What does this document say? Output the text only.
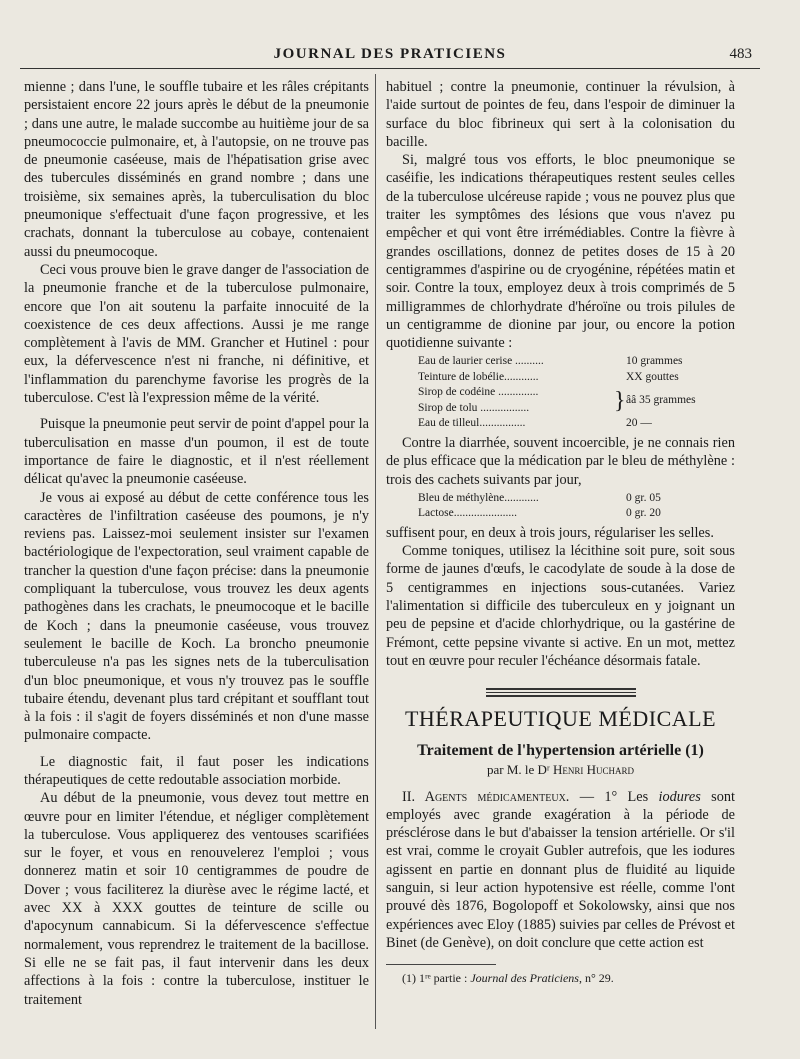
JOURNAL DES PRATICIENS	483

mienne ; dans l'une, le souffle tubaire et les râles crépitants persistaient encore 22 jours après le début de la pneumonie ; dans une autre, le malade succombe au huitième jour de sa pneumococcie pulmonaire, et, à l'autopsie, on ne trouve pas de pneumonie caséeuse, mais de l'hépatisation grise avec des tubercules disséminés en grand nombre ; dans une troisième, six semaines après, la tuberculisation du bloc pneumonique s'effectuait d'une façon progressive, et les crachats, donnant la tuberculose au cobaye, contenaient aussi du pneumocoque.

Ceci vous prouve bien le grave danger de l'association de la pneumonie franche et de la tuberculose pulmonaire, encore que l'on ait soutenu la parfaite innocuité de la coexistence de ces deux affections. Aussi je me range complètement à l'avis de MM. Grancher et Hutinel : pour eux, la défervescence n'est ni franche, ni définitive, et l'inflammation du parenchyme favorise les progrès de la tuberculose. C'est là l'expression même de la vérité.

Puisque la pneumonie peut servir de point d'appel pour la tuberculisation en masse d'un poumon, il est de toute importance de faire le diagnostic, et il n'est réellement délicat qu'avec la pneumonie caséeuse.

Je vous ai exposé au début de cette conférence tous les caractères de l'infiltration caséeuse des poumons, je n'y reviens pas. Laissez-moi seulement insister sur l'examen bactériologique de l'expectoration, seul vraiment capable de trancher la question d'une façon précise: dans la pneumonie compliquant la tuberculose, vous trouvez les deux agents pathogènes dans les crachats, le pneumocoque et le bacille de Koch ; dans la pneumonie caséeuse, vous trouvez seulement le bacille de Koch. La broncho pneumonie tuberculeuse n'a pas les signes nets de la tuberculisation d'un bloc pneumonique, et vous n'y trouvez pas le souffle tubaire étendu, devenant plus tard crépitant et soufflant tout à la fois : il s'agit de foyers disséminés et non d'une masse pulmonaire compacte.

Le diagnostic fait, il faut poser les indications thérapeutiques de cette redoutable association morbide.

Au début de la pneumonie, vous devez tout mettre en œuvre pour en limiter l'étendue, et négliger complètement la tuberculose. Vous appliquerez des ventouses scarifiées sur le foyer, et vous en renouvelerez l'emploi ; vous donnerez matin et soir 10 centigrammes de poudre de Dover ; vous faciliterez la diurèse avec le régime lacté, et avec XX à XXX gouttes de teinture de scille ou d'apocynum cannabicum. Si la défervescence s'effectue normalement, vous reprendrez le traitement de la bacillose. Si elle ne se fait pas, il faut intervenir dans les deux affections à la fois : contre la tuberculose, instituer le traitement

habituel ; contre la pneumonie, continuer la révulsion, à l'aide surtout de pointes de feu, dans l'espoir de diminuer la surface du bloc fibrineux qui sert à la colonisation du bacille.

Si, malgré tous vos efforts, le bloc pneumonique se caséifie, les indications thérapeutiques restent seules celles de la tuberculose ulcéreuse rapide ; vous ne pouvez plus que traiter les symptômes des lésions que vous n'avez pu empêcher et qui vont être irrémédiables. Contre la fièvre à grandes oscillations, donnez de petites doses de 15 à 20 centigrammes d'aspirine ou de cryogénine, répétées matin et soir. Contre la toux, employez deux à trois comprimés de 5 milligrammes de chlorhydrate d'héroïne ou trois pilules de un centigramme de dionine par jour, ou encore la potion quotidienne suivante :

Eau de laurier cerise ..........	10 grammes
Teinture de lobélie............	XX gouttes
Sirop de codéine ..............
Sirop de tolu .................	} ââ 35 grammes
Eau de tilleul................	20 —

Contre la diarrhée, souvent incoercible, je ne connais rien de plus efficace que la médication par le bleu de méthylène : trois des cachets suivants par jour,

Bleu de méthylène............	0 gr. 05
Lactose......................	0 gr. 20

suffisent pour, en deux à trois jours, régulariser les selles.

Comme toniques, utilisez la lécithine soit pure, soit sous forme de jaunes d'œufs, le cacodylate de soude à la dose de 5 centigrammes en injections sous-cutanées. Variez l'alimentation si difficile des tuberculeux en y joignant un peu de pepsine et d'acide chlorhydrique, ou la gastérine de Frémont, cette pepsine vivante si active. En un mot, mettez tout en œuvre pour reculer l'échéance désormais fatale.

THÉRAPEUTIQUE MÉDICALE
Traitement de l'hypertension artérielle (1)
par M. le Dʳ Henri Huchard

II. Agents médicamenteux. — 1° Les iodures sont employés avec grande exagération à la période de présclérose dans le but d'abaisser la tension artérielle. Or s'il est vrai, comme le croyait Gubler autrefois, que les iodures agissent en partie en donnant plus de fluidité au liquide sanguin, si leur action hypotensive est réelle, comme l'ont prouvé dès 1876, Bogolopoff et Sokolowsky, ainsi que nos expériences avec Eloy (1885) suivies par celles de Prévost et Binet (de Genève), on doit conclure que cette action est

(1) 1ʳᵉ partie : Journal des Praticiens, n° 29.
